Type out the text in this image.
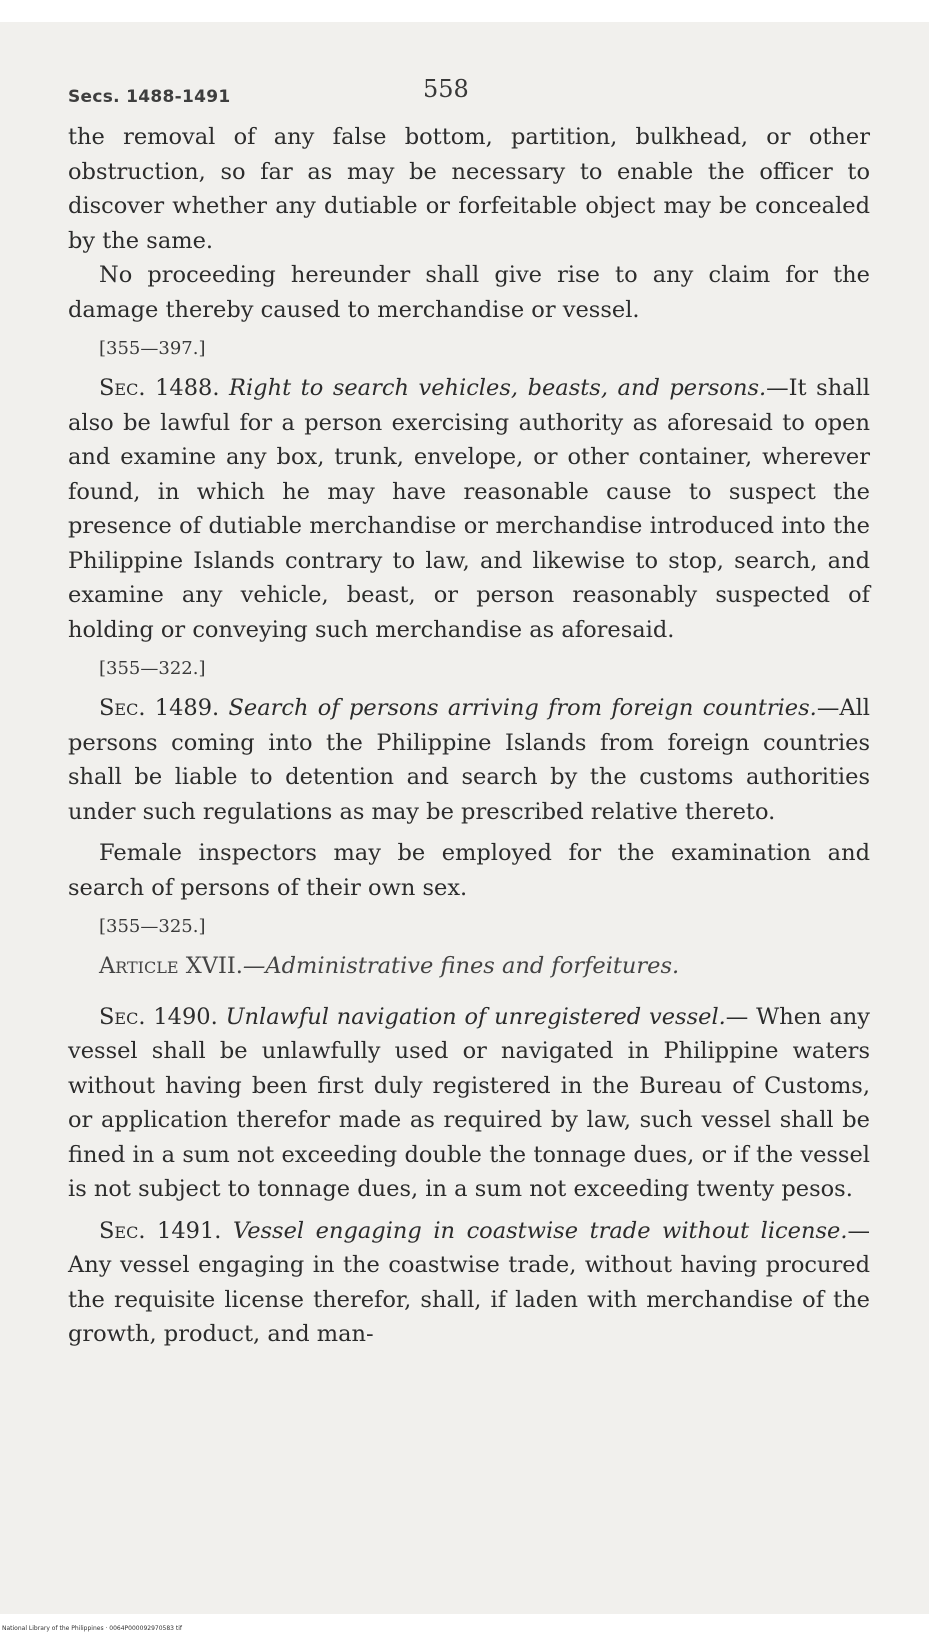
Secs. 1488-1491	558

the removal of any false bottom, partition, bulkhead, or other obstruction, so far as may be necessary to enable the officer to discover whether any dutiable or forfeitable object may be concealed by the same.

No proceeding hereunder shall give rise to any claim for the damage thereby caused to merchandise or vessel.

[355—397.]

Sec. 1488. Right to search vehicles, beasts, and persons.—It shall also be lawful for a person exercising authority as aforesaid to open and examine any box, trunk, envelope, or other container, wherever found, in which he may have reasonable cause to suspect the presence of dutiable merchandise or merchandise introduced into the Philippine Islands contrary to law, and likewise to stop, search, and examine any vehicle, beast, or person reasonably suspected of holding or conveying such merchandise as aforesaid.

[355—322.]

Sec. 1489. Search of persons arriving from foreign countries.—All persons coming into the Philippine Islands from foreign countries shall be liable to detention and search by the customs authorities under such regulations as may be prescribed relative thereto.

Female inspectors may be employed for the examination and search of persons of their own sex.

[355—325.]

Article XVII.—Administrative fines and forfeitures.

Sec. 1490. Unlawful navigation of unregistered vessel.— When any vessel shall be unlawfully used or navigated in Philippine waters without having been first duly registered in the Bureau of Customs, or application therefor made as required by law, such vessel shall be fined in a sum not exceeding double the tonnage dues, or if the vessel is not subject to tonnage dues, in a sum not exceeding twenty pesos.

Sec. 1491. Vessel engaging in coastwise trade without license.—Any vessel engaging in the coastwise trade, without having procured the requisite license therefor, shall, if laden with merchandise of the growth, product, and man-

National Library of the Philippines · 0064P000092970583 tif
